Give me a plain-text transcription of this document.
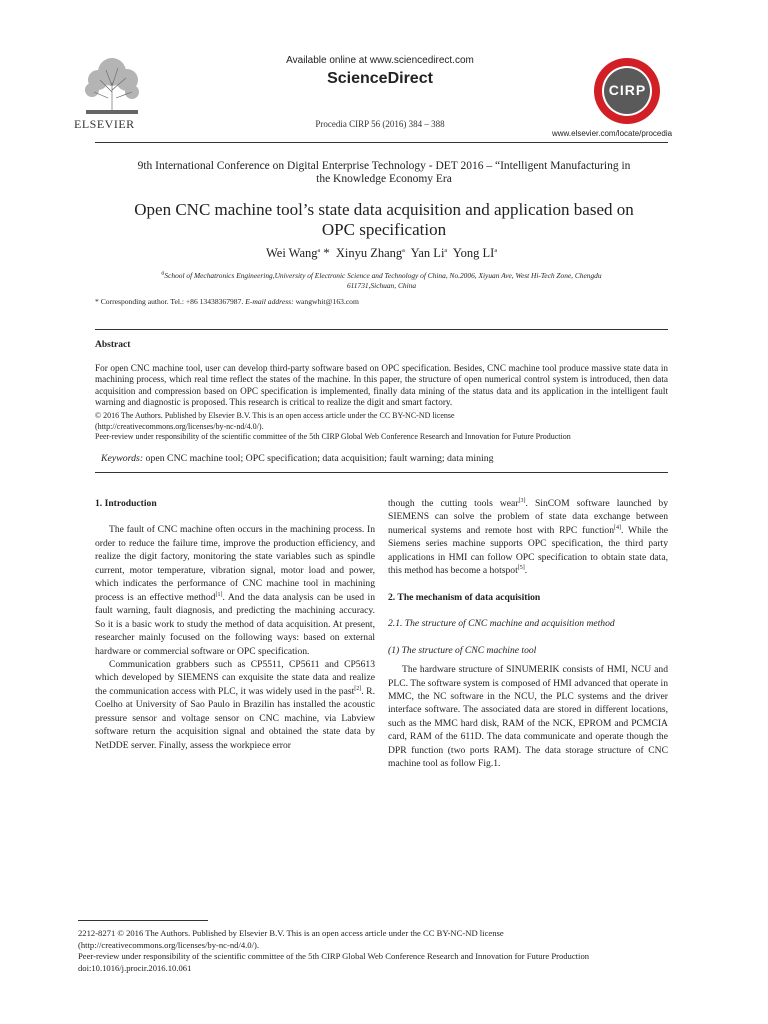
ELSEVIER
Available online at www.sciencedirect.com
ScienceDirect
Procedia CIRP 56 (2016) 384 – 388
CIRP
www.elsevier.com/locate/procedia
9th International Conference on Digital Enterprise Technology - DET 2016 – “Intelligent Manufacturing in
the Knowledge Economy Era
Open CNC machine tool’s state data acquisition and application based on
OPC specification
Wei Wang$^a$ * Xinyu Zhang$^a$ Yan Li$^a$ Yong $LI^a$
$^a$School of Mechatronics Engineering,University of Electronic Science and Technology of China, No.2006, Xiyuan Ave, West Hi-Tech Zone, Chengdu
611731,Sichuan, China
* Corresponding author. Tel.: +86 13438367987. E-mail address: wangwhit@163.com
Abstract
For open CNC machine tool, user can develop third-party software based on OPC specification. Besides, CNC machine tool produce massive state data in machining process, which real time reflect the states of the machine. In this paper, the structure of open numerical control system is introduced, then data acquisition and compression based on OPC specification is implemented, finally data mining of the status data and its application in the intelligent fault warning and diagnostic is proposed. This research is critical to realize the digit and smart factory.
© 2016 The Authors. Published by Elsevier B.V. This is an open access article under the CC BY-NC-ND license
(http://creativecommons.org/licenses/by-nc-nd/4.0/).
Peer-review under responsibility of the scientific committee of the 5th CIRP Global Web Conference Research and Innovation for Future Production
Keywords: open CNC machine tool; OPC specification; data acquisition; fault warning; data mining

1. Introduction

The fault of CNC machine often occurs in the machining process. In order to reduce the failure time, improve the production efficiency, and realize the digit factory, monitoring the state variables such as spindle current, motor temperature, vibration signal, motor load and power, which indicates the performance of CNC machine tool in machining process is an effective method[1]. And the data analysis can be used in fault warning, fault diagnosis, and predicting the machining accuracy. So it is a basic work to study the method of data acquisition. At present, researcher mainly focused on the following ways: based on external hardware or commercial software or OPC specification.

Communication grabbers such as CP5511, CP5611 and CP5613 which developed by SIEMENS can exquisite the state data and realize the communication access with PLC, it was widely used in the past[2]. R. Coelho at University of Sao Paulo in Brazilin has installed the acoustic pressure sensor and voltage sensor on CNC machine, via Labview software return the acquisition signal and obtained the state data by NetDDE server. Finally, assess the workpiece error

though the cutting tools wear[3]. SinCOM software launched by SIEMENS can solve the problem of state data exchange between numerical systems and remote host with RPC function[4]. While the Siemens series machine supports OPC specification, the third party applications in HMI can follow OPC specification to obtain state data, this method has become a hotspot[5].

2. The mechanism of data acquisition

2.1. The structure of CNC machine and acquisition method

(1) The structure of CNC machine tool

The hardware structure of SINUMERIK consists of HMI, NCU and PLC. The software system is composed of HMI advanced that operate in MMC, the NC software in the NCU, the PLC systems and the driver interface software. The associated data are stored in different locations, such as the MMC hard disk, RAM of the NCK, EPROM and PCMCIA card, RAM of the 611D. The data communicate and operate though the DPR function (two ports RAM). The data storage structure of CNC machine tool as follow Fig.1.

2212-8271 © 2016 The Authors. Published by Elsevier B.V. This is an open access article under the CC BY-NC-ND license
(http://creativecommons.org/licenses/by-nc-nd/4.0/).
Peer-review under responsibility of the scientific committee of the 5th CIRP Global Web Conference Research and Innovation for Future Production
doi:10.1016/j.procir.2016.10.061
